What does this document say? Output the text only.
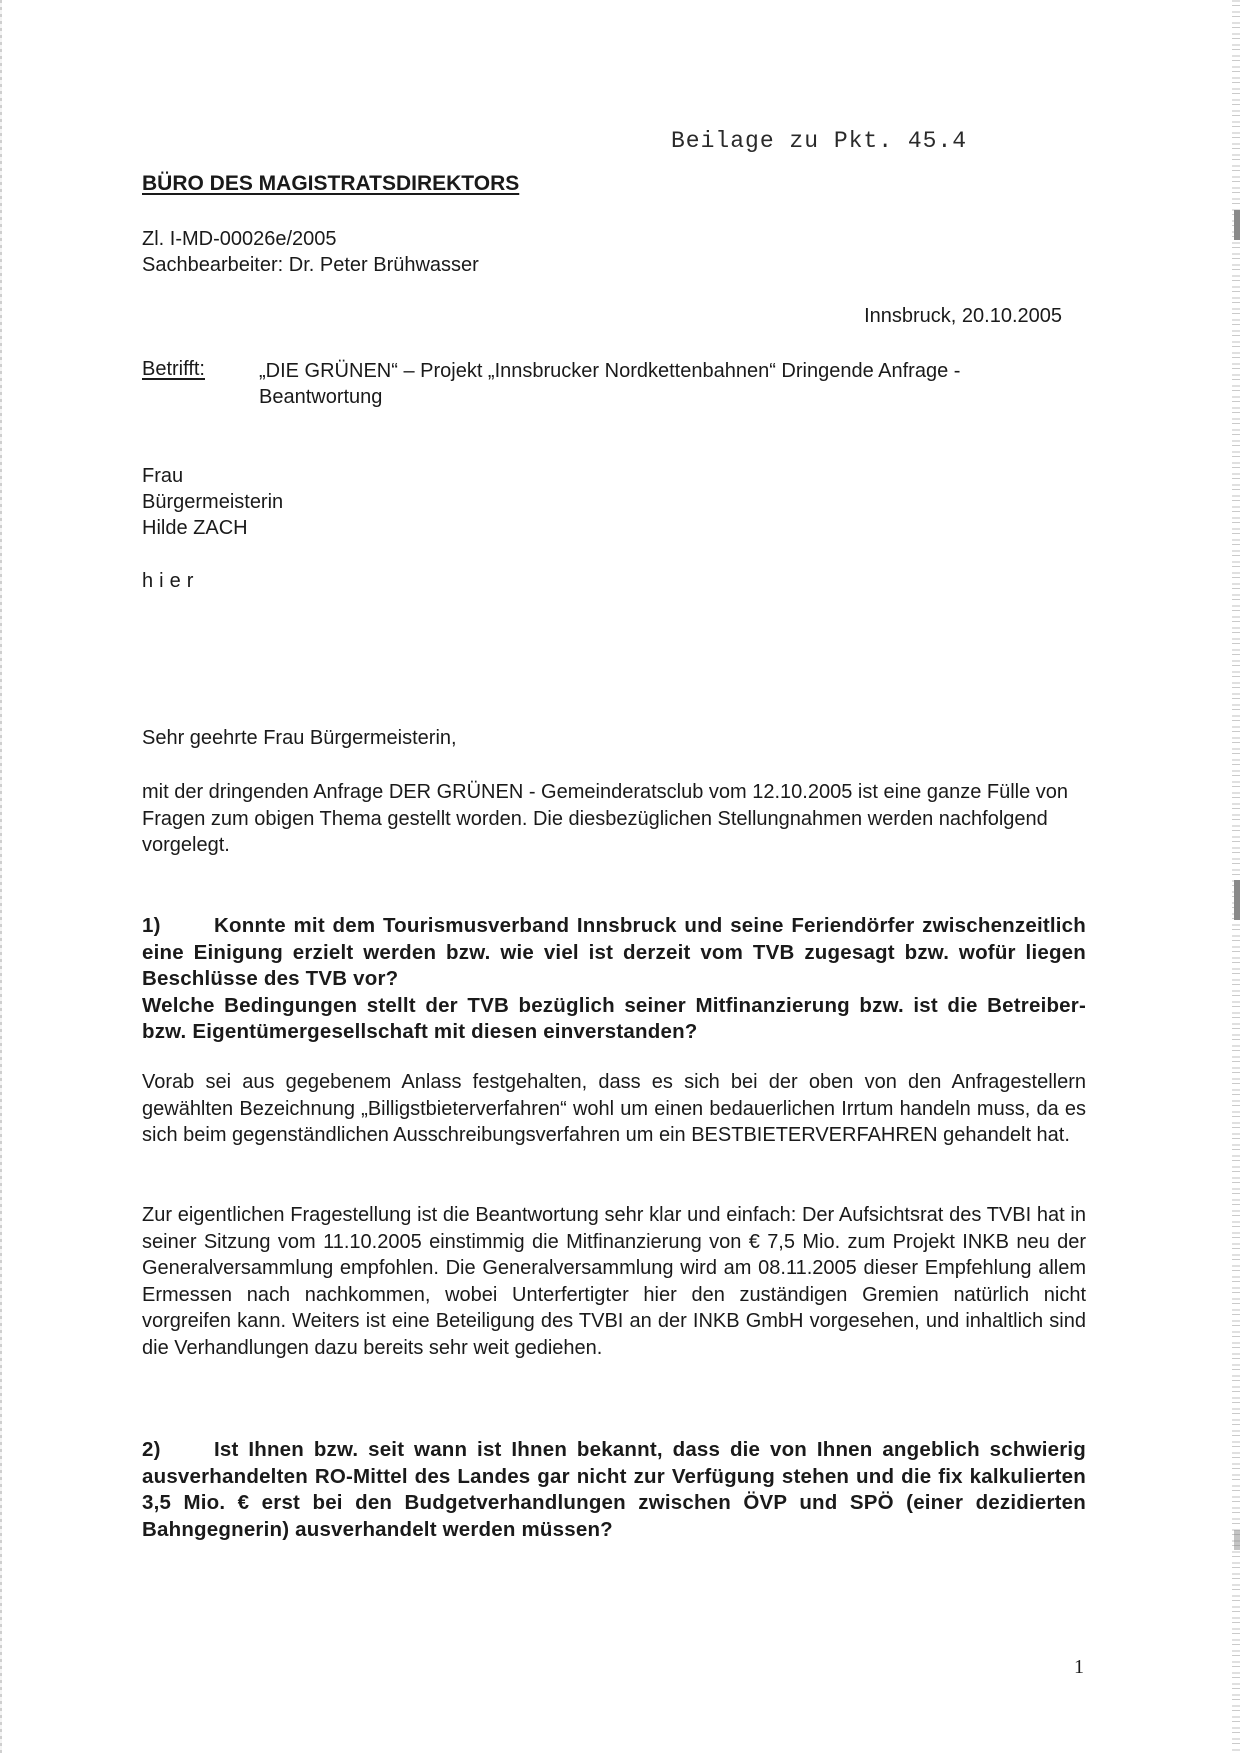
Beilage zu Pkt. 45.4
BÜRO DES MAGISTRATSDIREKTORS
Zl. I-MD-00026e/2005
Sachbearbeiter: Dr. Peter Brühwasser
Innsbruck, 20.10.2005
Betrifft:	„DIE GRÜNEN“ – Projekt „Innsbrucker Nordkettenbahnen“ Dringende Anfrage - Beantwortung
Frau
Bürgermeisterin
Hilde ZACH
hier
Sehr geehrte Frau Bürgermeisterin,
mit der dringenden Anfrage DER GRÜNEN - Gemeinderatsclub vom 12.10.2005 ist eine ganze Fülle von Fragen zum obigen Thema gestellt worden. Die diesbezüglichen Stellungnahmen werden nachfolgend vorgelegt.
1)	Konnte mit dem Tourismusverband Innsbruck und seine Feriendörfer zwischenzeitlich eine Einigung erzielt werden bzw. wie viel ist derzeit vom TVB zugesagt bzw. wofür liegen Beschlüsse des TVB vor?
Welche Bedingungen stellt der TVB bezüglich seiner Mitfinanzierung bzw. ist die Betreiber- bzw. Eigentümergesellschaft mit diesen einverstanden?
Vorab sei aus gegebenem Anlass festgehalten, dass es sich bei der oben von den Anfragestellern gewählten Bezeichnung „Billigstbieterverfahren“ wohl um einen bedauerlichen Irrtum handeln muss, da es sich beim gegenständlichen Ausschreibungsverfahren um ein BESTBIETERVERFAHREN gehandelt hat.
Zur eigentlichen Fragestellung ist die Beantwortung sehr klar und einfach: Der Aufsichtsrat des TVBI hat in seiner Sitzung vom 11.10.2005 einstimmig die Mitfinanzierung von € 7,5 Mio. zum Projekt INKB neu der Generalversammlung empfohlen. Die Generalversammlung wird am 08.11.2005 dieser Empfehlung allem Ermessen nach nachkommen, wobei Unterfertigter hier den zuständigen Gremien natürlich nicht vorgreifen kann. Weiters ist eine Beteiligung des TVBI an der INKB GmbH vorgesehen, und inhaltlich sind die Verhandlungen dazu bereits sehr weit gediehen.
2)	Ist Ihnen bzw. seit wann ist Ihnen bekannt, dass die von Ihnen angeblich schwierig ausverhandelten RO-Mittel des Landes gar nicht zur Verfügung stehen und die fix kalkulierten 3,5 Mio. € erst bei den Budgetverhandlungen zwischen ÖVP und SPÖ (einer dezidierten Bahngegnerin) ausverhandelt werden müssen?
1
